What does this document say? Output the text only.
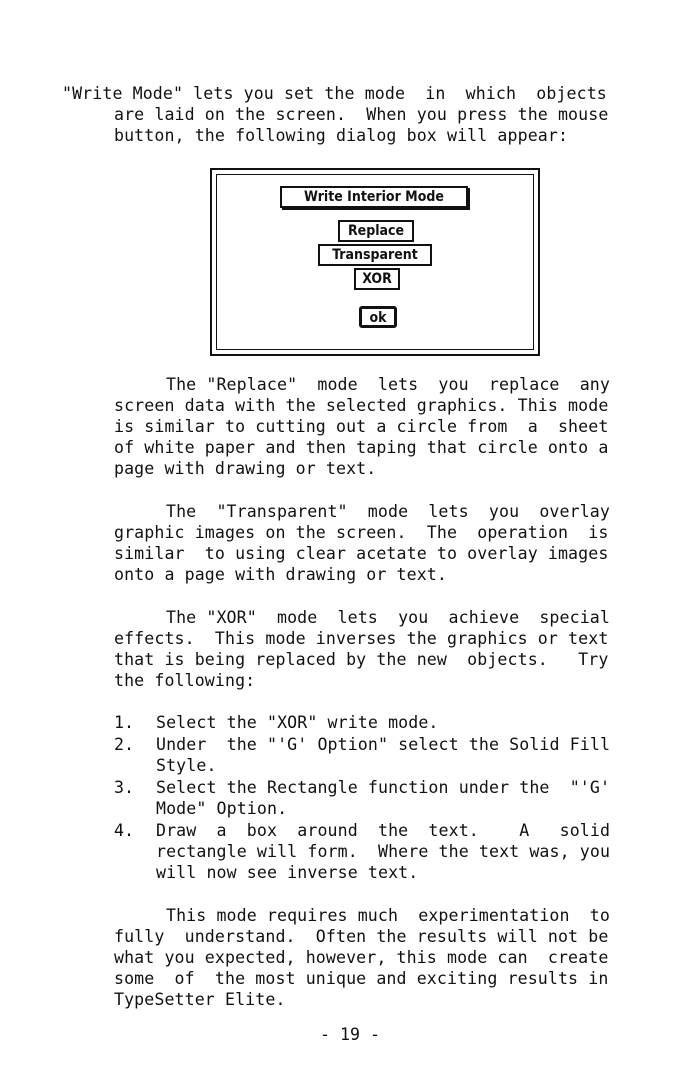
"Write Mode" lets you set the mode  in  which  objects
are laid on the screen.  When you press the mouse
button, the following dialog box will appear:
Write Interior Mode
Replace
Transparent
XOR
ok
The "Replace"  mode  lets  you  replace  any
screen data with the selected graphics. This mode
is similar to cutting out a circle from  a  sheet
of white paper and then taping that circle onto a
page with drawing or text.
The  "Transparent"  mode  lets  you  overlay
graphic images on the screen.  The  operation  is
similar  to using clear acetate to overlay images
onto a page with drawing or text.
The "XOR"  mode  lets  you  achieve  special
effects.  This mode inverses the graphics or text
that is being replaced by the new  objects.   Try
the following:
1. Select the "XOR" write mode.
2. Under  the "'G' Option" select the Solid Fill
Style.
3. Select the Rectangle function under the  "'G'
Mode" Option.
4. Draw  a  box  around  the  text.    A   solid
rectangle will form.  Where the text was, you
will now see inverse text.
This mode requires much  experimentation  to
fully  understand.  Often the results will not be
what you expected, however, this mode can  create
some  of  the most unique and exciting results in
TypeSetter Elite.
- 19 -
